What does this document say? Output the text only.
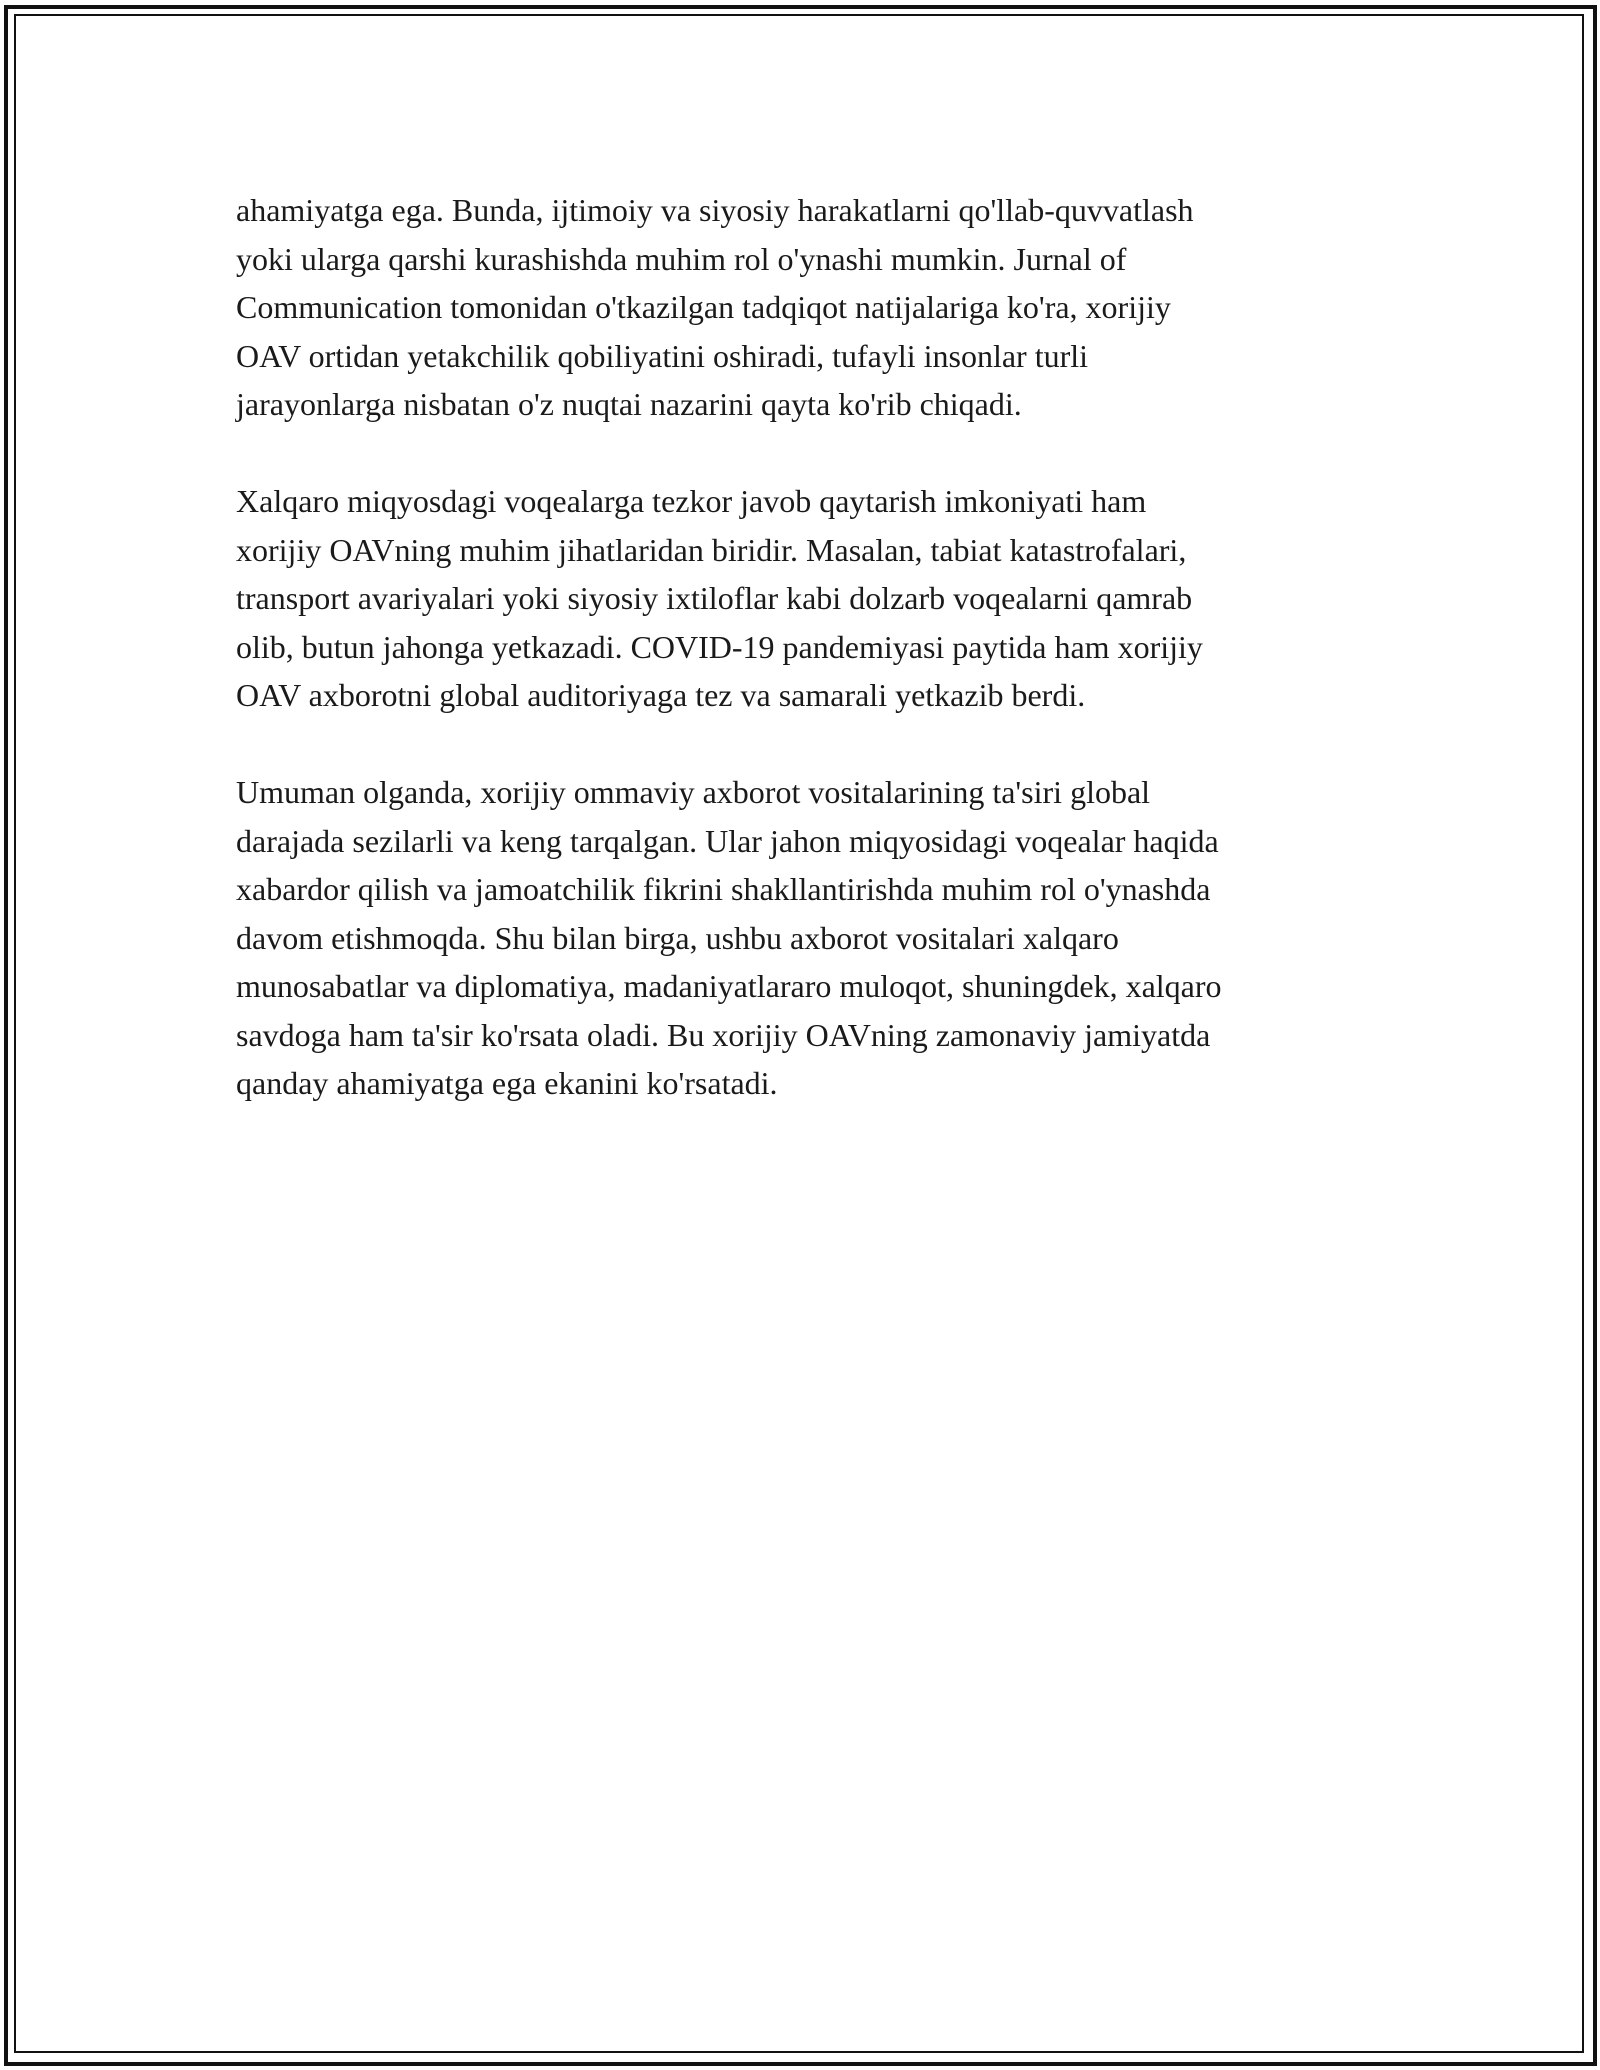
ahamiyatga ega. Bunda, ijtimoiy va siyosiy harakatlarni qo'llab-quvvatlash
yoki ularga qarshi kurashishda muhim rol o'ynashi mumkin. Jurnal of
Communication tomonidan o'tkazilgan tadqiqot natijalariga ko'ra, xorijiy
OAV ortidan yetakchilik qobiliyatini oshiradi, tufayli insonlar turli
jarayonlarga nisbatan o'z nuqtai nazarini qayta ko'rib chiqadi.
Xalqaro miqyosdagi voqealarga tezkor javob qaytarish imkoniyati ham
xorijiy OAVning muhim jihatlaridan biridir. Masalan, tabiat katastrofalari,
transport avariyalari yoki siyosiy ixtiloflar kabi dolzarb voqealarni qamrab
olib, butun jahonga yetkazadi. COVID-19 pandemiyasi paytida ham xorijiy
OAV axborotni global auditoriyaga tez va samarali yetkazib berdi.
Umuman olganda, xorijiy ommaviy axborot vositalarining ta'siri global
darajada sezilarli va keng tarqalgan. Ular jahon miqyosidagi voqealar haqida
xabardor qilish va jamoatchilik fikrini shakllantirishda muhim rol o'ynashda
davom etishmoqda. Shu bilan birga, ushbu axborot vositalari xalqaro
munosabatlar va diplomatiya, madaniyatlararo muloqot, shuningdek, xalqaro
savdoga ham ta'sir ko'rsata oladi. Bu xorijiy OAVning zamonaviy jamiyatda
qanday ahamiyatga ega ekanini ko'rsatadi.
